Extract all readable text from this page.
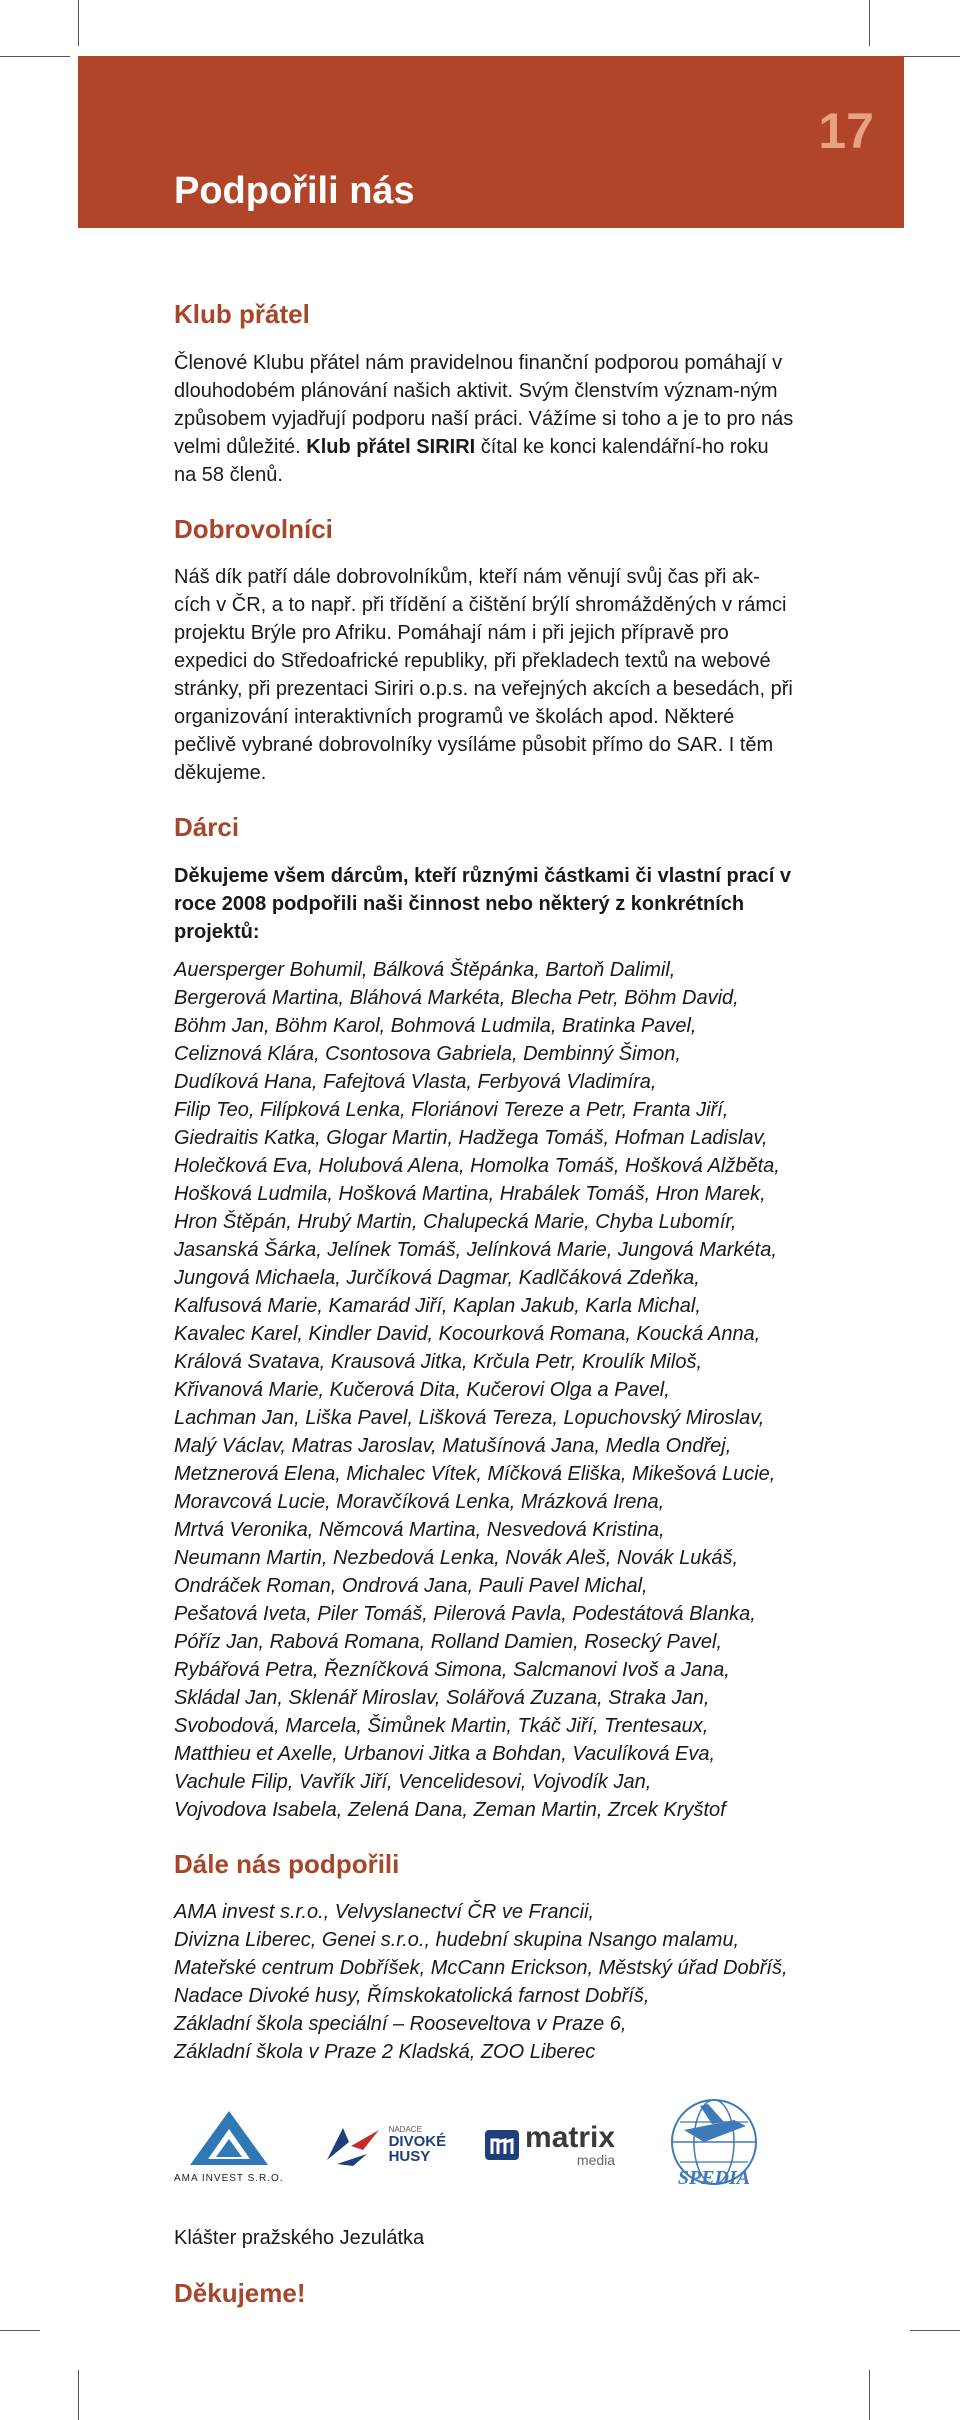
17
Podpořili nás
Klub přátel

Členové Klubu přátel nám pravidelnou finanční podporou pomáhají v dlouhodobém plánování našich aktivit. Svým členstvím význam-ným způsobem vyjadřují podporu naší práci. Vážíme si toho a je to pro nás velmi důležité. Klub přátel SIRIRI čítal ke konci kalendářní-ho roku na 58 členů.

Dobrovolníci

Náš dík patří dále dobrovolníkům, kteří nám věnují svůj čas při ak-cích v ČR, a to např. při třídění a čištění brýlí shromážděných v rámci projektu Brýle pro Afriku. Pomáhají nám i při jejich přípravě pro expedici do Středoafrické republiky, při překladech textů na webové stránky, při prezentaci Siriri o.p.s. na veřejných akcích a besedách, při organizování interaktivních programů ve školách apod. Některé pečlivě vybrané dobrovolníky vysíláme působit přímo do SAR. I těm děkujeme.

Dárci
Děkujeme všem dárcům, kteří různými částkami či vlastní prací v roce 2008 podpořili naši činnost nebo některý z konkrétních projektů:
Auersperger Bohumil, Bálková Štěpánka, Bartoň Dalimil,
Bergerová Martina, Bláhová Markéta, Blecha Petr, Böhm David,
Böhm Jan, Böhm Karol, Bohmová Ludmila, Bratinka Pavel,
Celiznová Klára, Csontosova Gabriela, Dembinný Šimon,
Dudíková Hana, Fafejtová Vlasta, Ferbyová Vladimíra,
Filip Teo, Filípková Lenka, Floriánovi Tereze a Petr, Franta Jiří,
Giedraitis Katka, Glogar Martin, Hadžega Tomáš, Hofman Ladislav,
Holečková Eva, Holubová Alena, Homolka Tomáš, Hošková Alžběta,
Hošková Ludmila, Hošková Martina, Hrabálek Tomáš, Hron Marek,
Hron Štěpán, Hrubý Martin, Chalupecká Marie, Chyba Lubomír,
Jasanská Šárka, Jelínek Tomáš, Jelínková Marie, Jungová Markéta,
Jungová Michaela, Jurčíková Dagmar, Kadlčáková Zdeňka,
Kalfusová Marie, Kamarád Jiří, Kaplan Jakub, Karla Michal,
Kavalec Karel, Kindler David, Kocourková Romana, Koucká Anna,
Králová Svatava, Krausová Jitka, Krčula Petr, Kroulík Miloš,
Křivanová Marie, Kučerová Dita, Kučerovi Olga a Pavel,
Lachman Jan, Liška Pavel, Lišková Tereza, Lopuchovský Miroslav,
Malý Václav, Matras Jaroslav, Matušínová Jana, Medla Ondřej,
Metznerová Elena, Michalec Vítek, Míčková Eliška, Mikešová Lucie,
Moravcová Lucie, Moravčíková Lenka, Mrázková Irena,
Mrtvá Veronika, Němcová Martina, Nesvedová Kristina,
Neumann Martin, Nezbedová Lenka, Novák Aleš, Novák Lukáš,
Ondráček Roman, Ondrová Jana, Pauli Pavel Michal,
Pešatová Iveta, Piler Tomáš, Pilerová Pavla, Podestátová Blanka,
Póříz Jan, Rabová Romana, Rolland Damien, Rosecký Pavel,
Rybářová Petra, Řezníčková Simona, Salcmanovi Ivoš a Jana,
Skládal Jan, Sklenář Miroslav, Solářová Zuzana, Straka Jan,
Svobodová, Marcela, Šimůnek Martin, Tkáč Jiří, Trentesaux,
Matthieu et Axelle, Urbanovi Jitka a Bohdan, Vaculíková Eva,
Vachule Filip, Vavřík Jiří, Vencelidesovi, Vojvodík Jan,
Vojvodova Isabela, Zelená Dana, Zeman Martin, Zrcek Kryštof
Dále nás podpořili
AMA invest s.r.o., Velvyslanectví ČR ve Francii,
Divizna Liberec, Genei s.r.o., hudební skupina Nsango malamu,
Mateřské centrum Dobříšek, McCann Erickson, Městský úřad Dobříš,
Nadace Divoké husy, Římskokatolická farnost Dobříš,
Základní škola speciální – Rooseveltova v Praze 6,
Základní škola v Praze 2 Kladská, ZOO Liberec
AMA INVEST S.R.O.
NADACE
DIVOKÉ
HUSY
matrix
media
SPEDIA

Klášter pražského Jezulátka

Děkujeme!
